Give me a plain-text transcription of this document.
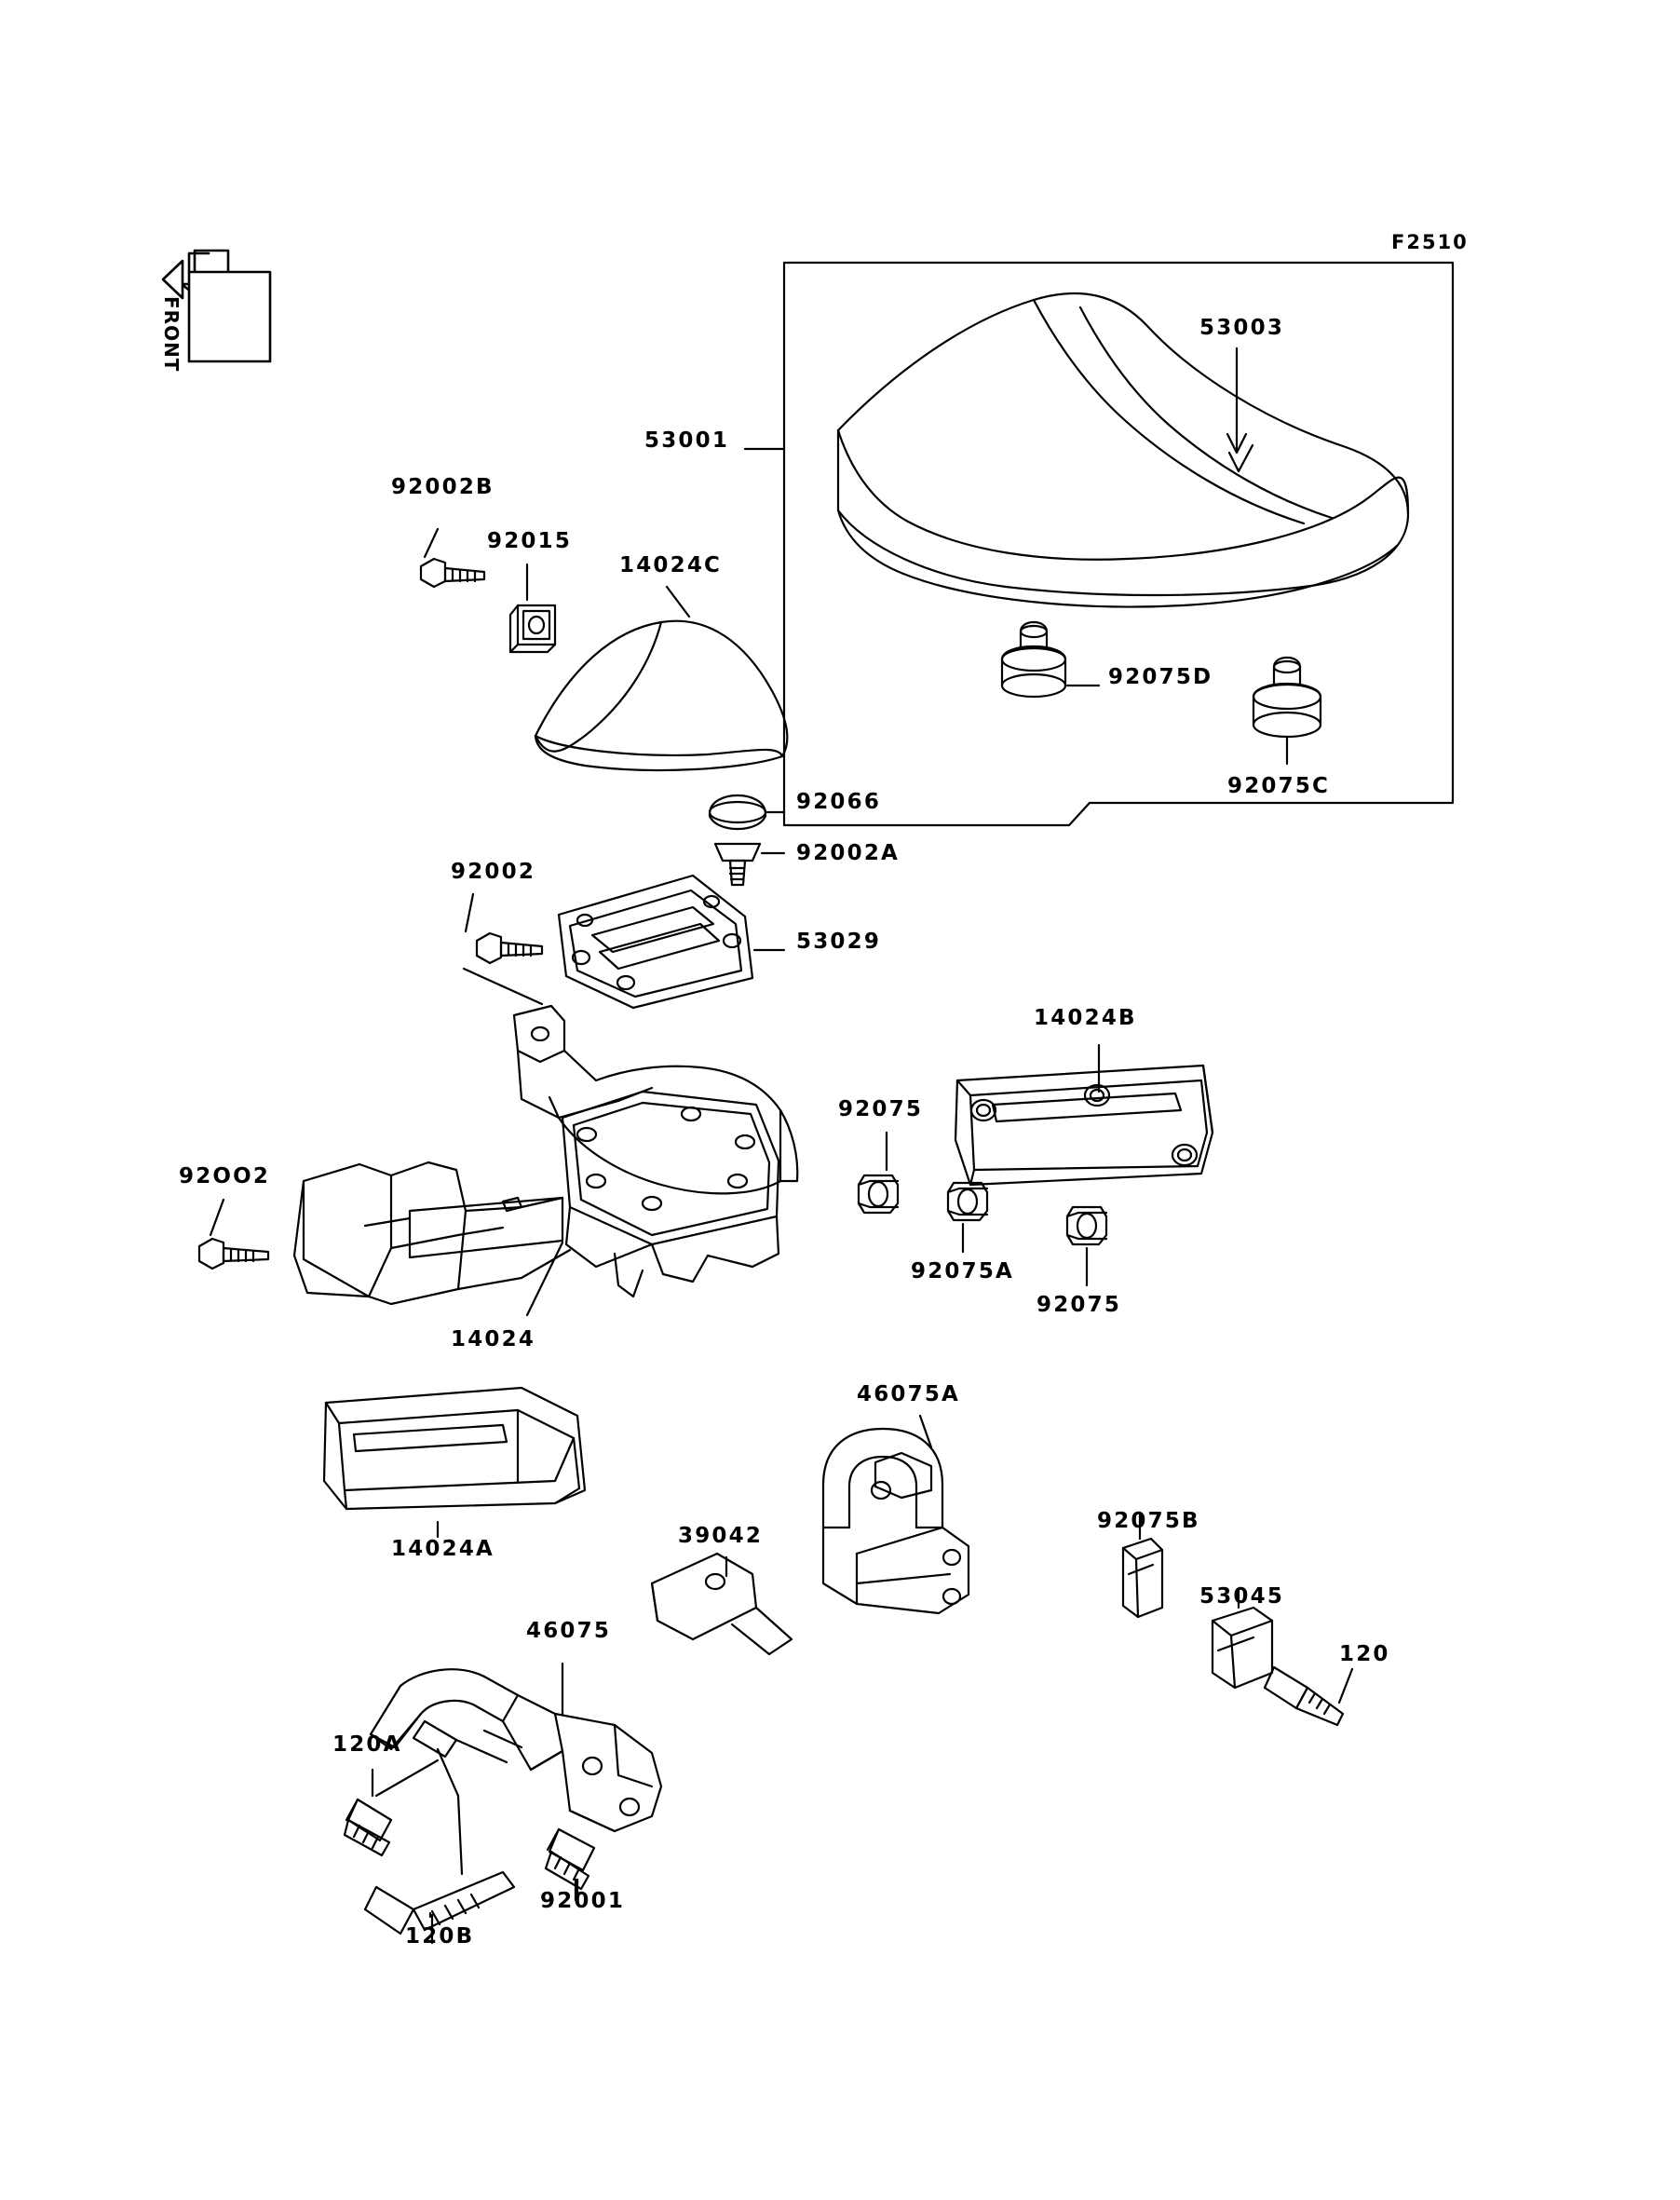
F2510
53003
53001
92002B
92015
14024C
92075D
92075C
92066
92002A
92002
53029
14024B
92075
92OO2
92075A
92075
14024
46075A
14024A
39042
92075B
53045
46075
120
120A
120B
92001
FRONT
